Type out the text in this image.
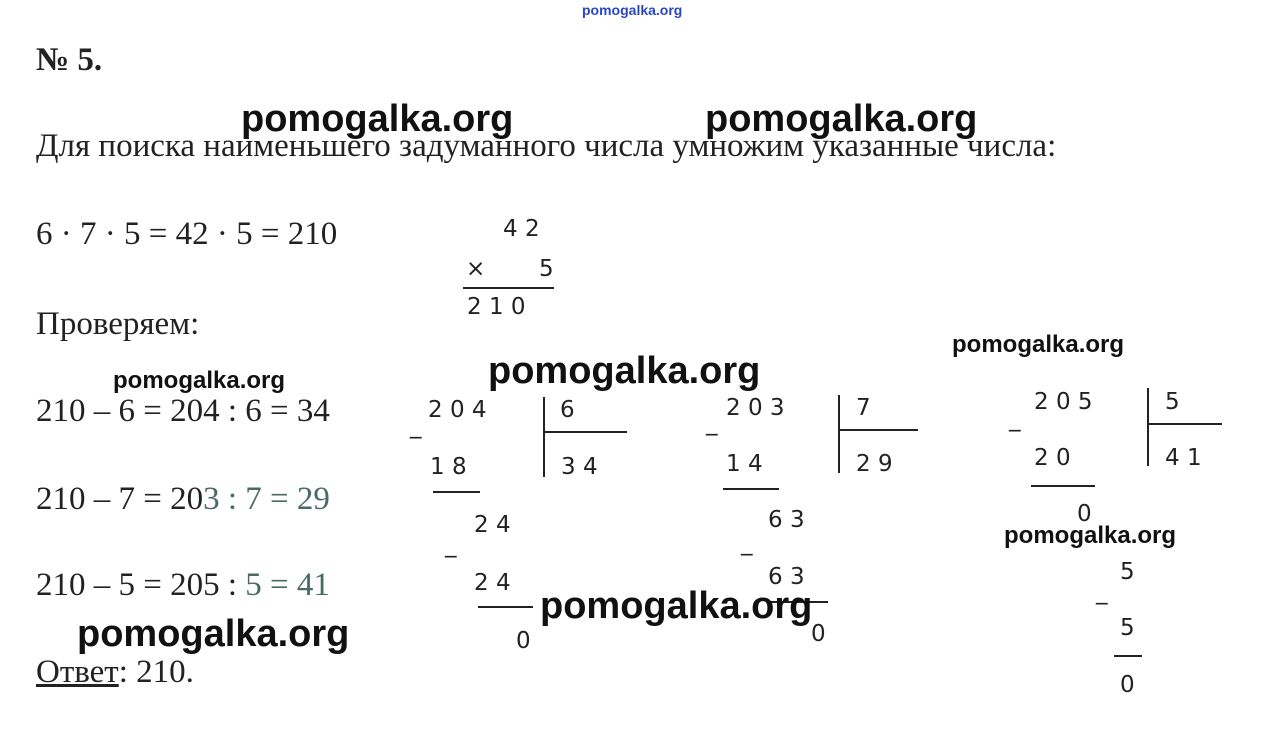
pomogalka.org
№ 5.
Для поиска наименьшего задуманного числа умножим указанные числа:
pomogalka.org	pomogalka.org
6 · 7 · 5 = 42 · 5 = 210	4 2
× 5
2 1 0
Проверяем:
pomogalka.org
pomogalka.org
pomogalka.org
210 – 6 = 204 : 6 = 34
210 – 7 = 203 : 7 = 29
210 – 5 = 205 : 5 = 41
2 0 4	6
_
1 8	3 4
_
2 4
2 4
0
2 0 3	7
_
1 4	2 9
_
6 3
6 3
0
2 0 5	5
_
2 0	4 1
0
5
_
5
0
pomogalka.org
pomogalka.org
pomogalka.org
Ответ: 210.
